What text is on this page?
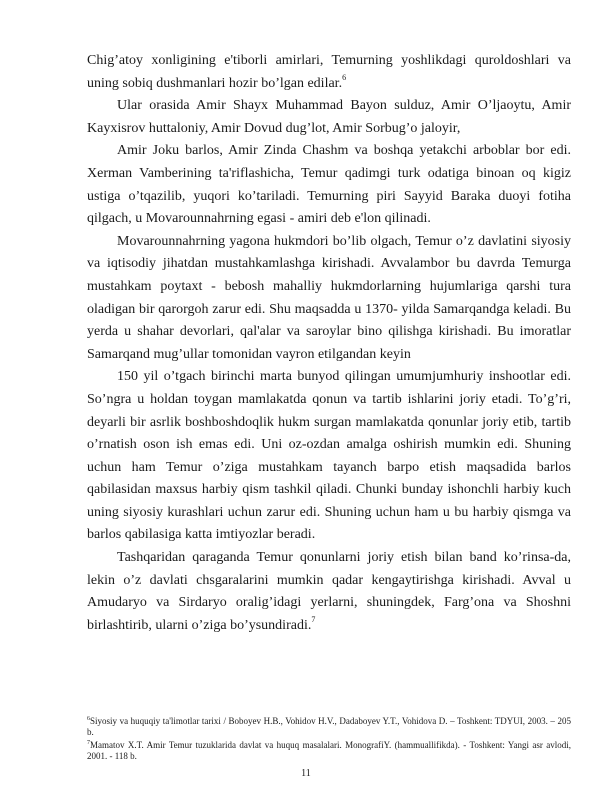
Chig’atoy xonligining e'tiborli amirlari, Temurning yoshlikdagi quroldoshlari va uning sobiq dushmanlari hozir bo’lgan edilar.$^6$

Ular orasida Amir Shayx Muhammad Bayon sulduz, Amir O’ljaoytu, Amir Kayxisrov huttaloniy, Amir Dovud dug’lot, Amir Sorbug’o jaloyir,

Amir Joku barlos, Amir Zinda Chashm va boshqa yetakchi arboblar bor edi. Xerman Vamberining ta'riflashicha, Temur qadimgi turk odatiga binoan oq kigiz ustiga o’tqazilib, yuqori ko’tariladi. Temurning piri Sayyid Baraka duoyi fotiha qilgach, u Movarounnahrning egasi - amiri deb e'lon qilinadi.

Movarounnahrning yagona hukmdori bo’lib olgach, Temur o’z davlatini siyosiy va iqtisodiy jihatdan mustahkamlashga kirishadi. Avvalambor bu davrda Temurga mustahkam poytaxt - bebosh mahalliy hukmdorlarning hujumlariga qarshi tura oladigan bir qarorgoh zarur edi. Shu maqsadda u 1370- yilda Samarqandga keladi. Bu yerda u shahar devorlari, qal'alar va saroylar bino qilishga kirishadi. Bu imoratlar Samarqand mug’ullar tomonidan vayron etilgandan keyin

150 yil o’tgach birinchi marta bunyod qilingan umumjumhuriy inshootlar edi. So’ngra u holdan toygan mamlakatda qonun va tartib ishlarini joriy etadi. To’g’ri, deyarli bir asrlik boshboshdoqlik hukm surgan mamlakatda qonunlar joriy etib, tartib o’rnatish oson ish emas edi. Uni oz-ozdan amalga oshirish mumkin edi. Shuning uchun ham Temur o’ziga mustahkam tayanch barpo etish maqsadida barlos qabilasidan maxsus harbiy qism tashkil qiladi. Chunki bunday ishonchli harbiy kuch uning siyosiy kurashlari uchun zarur edi. Shuning uchun ham u bu harbiy qismga va barlos qabilasiga katta imtiyozlar beradi.

Tashqaridan qaraganda Temur qonunlarni joriy etish bilan band ko’rinsa-da, lekin o’z davlati chsgaralarini mumkin qadar kengaytirishga kirishadi. Avval u Amudaryo va Sirdaryo oralig’idagi yerlarni, shuningdek, Farg’ona va Shoshni birlashtirib, ularni o’ziga bo’ysundiradi.$^7$

$^6$Siyosiy va huquqiy ta'limotlar tarixi / Boboyev H.B., Vohidov H.V., Dadaboyev Y.T., Vohidova D. – Toshkent: TDYUI, 2003. – 205 b.

$^7$Mamatov X.T. Amir Temur tuzuklarida davlat va huquq masalalari. MonografiY. (hammuallifikda). - Toshkent: Yangi asr avlodi, 2001. - 118 b.

11
